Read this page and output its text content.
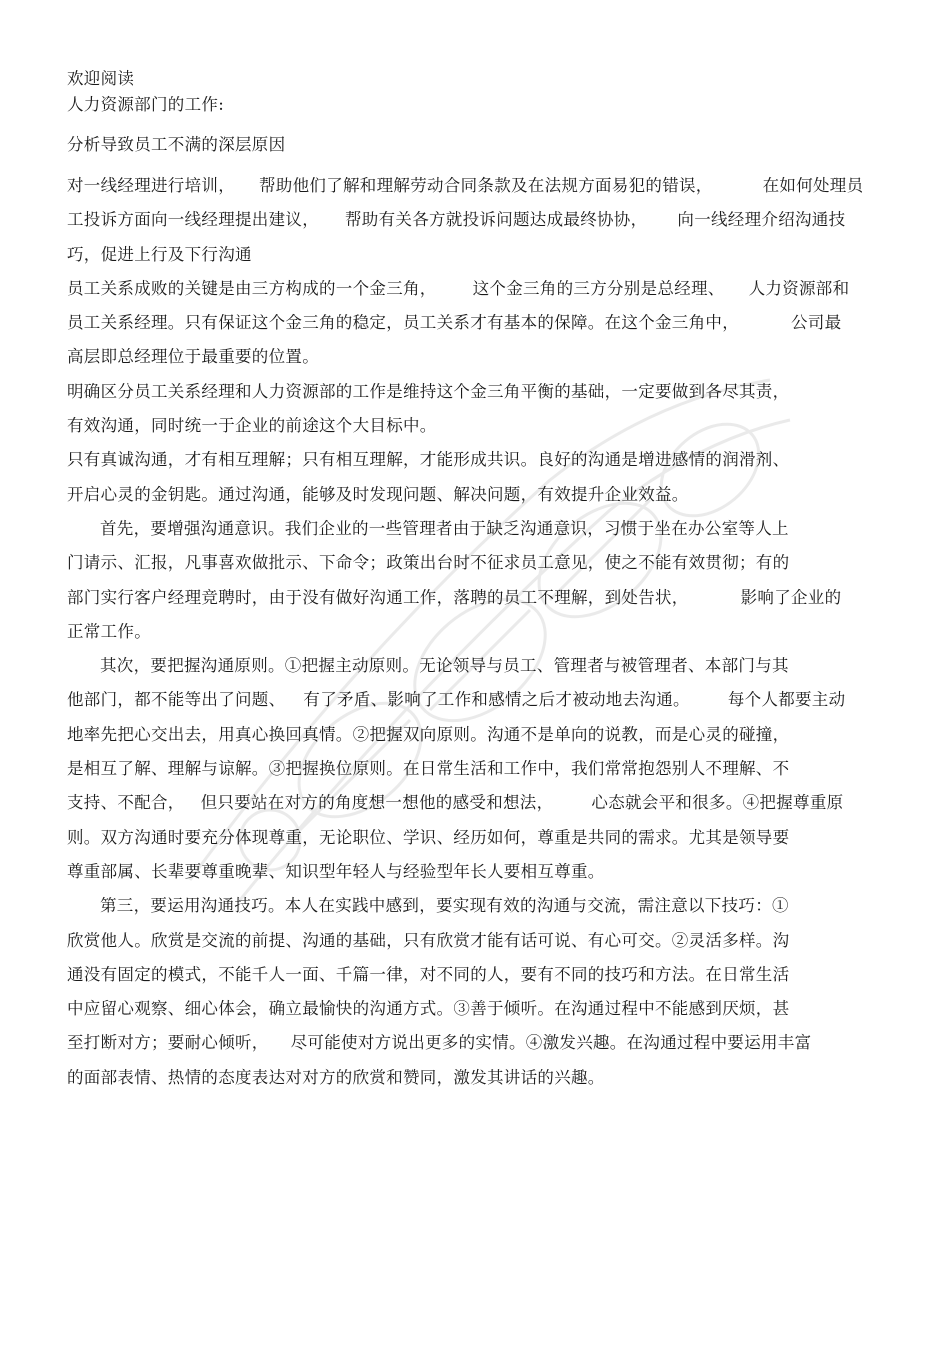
欢迎阅读
人力资源部门的工作:
分析导致员工不满的深层原因
对一线经理进行培训， 帮助他们了解和理解劳动合同条款及在法规方面易犯的错误，	在如何处理员
工投诉方面向一线经理提出建议， 帮助有关各方就投诉问题达成最终协协， 向一线经理介绍沟通技
巧，促进上行及下行沟通
员工关系成败的关键是由三方构成的一个金三角， 这个金三角的三方分别是总经理、 人力资源部和
员工关系经理。只有保证这个金三角的稳定，员工关系才有基本的保障。在这个金三角中，	公司最
高层即总经理位于最重要的位置。
明确区分员工关系经理和人力资源部的工作是维持这个金三角平衡的基础，一定要做到各尽其责，
有效沟通，同时统一于企业的前途这个大目标中。
只有真诚沟通，才有相互理解；只有相互理解，才能形成共识。良好的沟通是增进感情的润滑剂、
开启心灵的金钥匙。通过沟通，能够及时发现问题、解决问题，有效提升企业效益。
首先，要增强沟通意识。我们企业的一些管理者由于缺乏沟通意识，习惯于坐在办公室等人上
门请示、汇报，凡事喜欢做批示、下命令；政策出台时不征求员工意见，使之不能有效贯彻；有的
部门实行客户经理竞聘时，由于没有做好沟通工作，落聘的员工不理解，到处告状，	影响了企业的
正常工作。
其次，要把握沟通原则。①把握主动原则。无论领导与员工、管理者与被管理者、本部门与其
他部门，都不能等出了问题、 有了矛盾、影响了工作和感情之后才被动地去沟通。 每个人都要主动
地率先把心交出去，用真心换回真情。②把握双向原则。沟通不是单向的说教，而是心灵的碰撞，
是相互了解、理解与谅解。③把握换位原则。在日常生活和工作中，我们常常抱怨别人不理解、不
支持、不配合， 但只要站在对方的角度想一想他的感受和想法， 心态就会平和很多。④把握尊重原
则。双方沟通时要充分体现尊重，无论职位、学识、经历如何，尊重是共同的需求。尤其是领导要
尊重部属、长辈要尊重晚辈、知识型年轻人与经验型年长人要相互尊重。
第三，要运用沟通技巧。本人在实践中感到，要实现有效的沟通与交流，需注意以下技巧：①
欣赏他人。欣赏是交流的前提、沟通的基础，只有欣赏才能有话可说、有心可交。②灵活多样。沟
通没有固定的模式，不能千人一面、千篇一律，对不同的人，要有不同的技巧和方法。在日常生活
中应留心观察、细心体会，确立最愉快的沟通方式。③善于倾听。在沟通过程中不能感到厌烦，甚
至打断对方；要耐心倾听， 尽可能使对方说出更多的实情。④激发兴趣。在沟通过程中要运用丰富
的面部表情、热情的态度表达对对方的欣赏和赞同，激发其讲话的兴趣。
